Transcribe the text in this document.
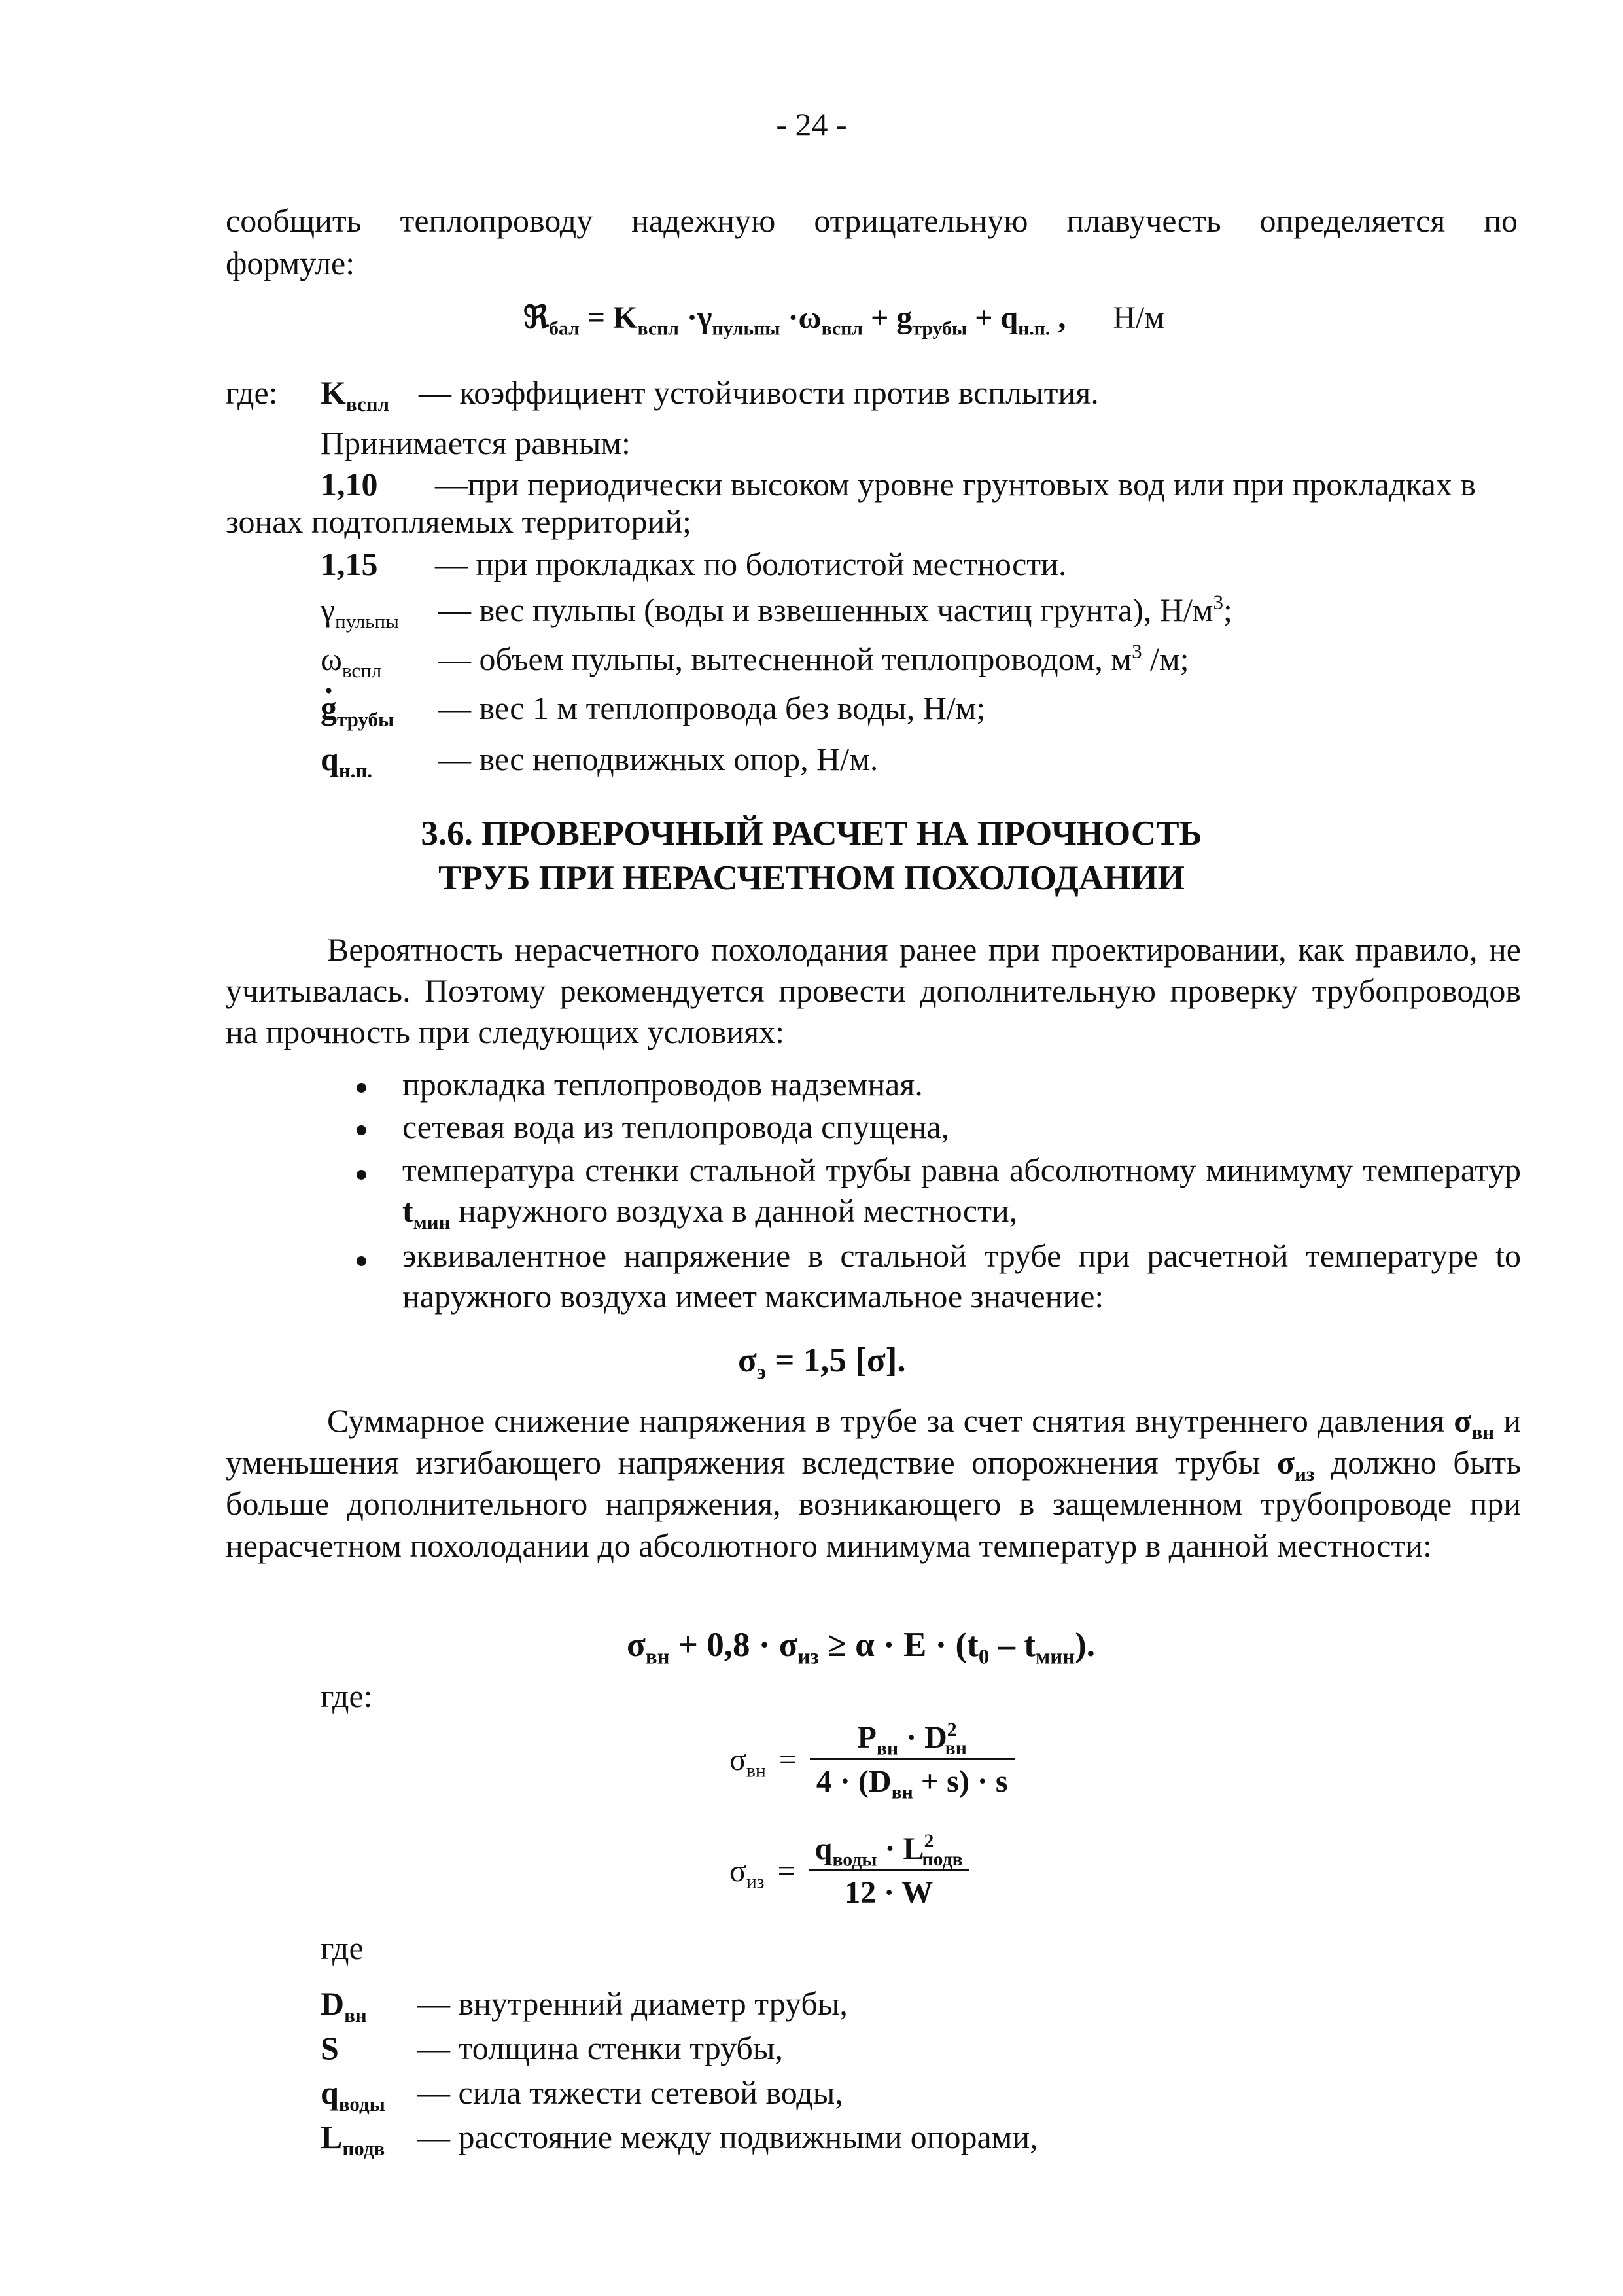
- 24 -
сообщить теплопроводу надежную отрицательную плавучесть определяется по
формуле:
ℜ$_{бал}$ = $K_{вспл} \cdot\gamma_{пульпы} \cdot\omega_{вспл} + g_{трубы} + q_{н.п.}$ , Н/м
где: $K_{вспл}$ — коэффициент устойчивости против всплытия.
Принимается равным:
1,10 —при периодически высоком уровне грунтовых вод или при прокладках в
зонах подтопляемых территорий;
1,15 — при прокладках по болотистой местности.
$\gamma_{пульпы}$ — вес пульпы (воды и взвешенных частиц грунта), $Н/м^3$;
$\omega_{вспл}$ — объем пульпы, вытесненной теплопроводом, $м^3$ /м;
· $g_{трубы}$ — вес 1 м теплопровода без воды, Н/м;
$q_{н.п.}$ — вес неподвижных опор, Н/м.
3.6. ПРОВЕРОЧНЫЙ РАСЧЕТ НА ПРОЧНОСТЬ
ТРУБ ПРИ НЕРАСЧЕТНОМ ПОХОЛОДАНИИ
Вероятность нерасчетного похолодания ранее при проектировании, как правило, не учитывалась. Поэтому рекомендуется провести дополнительную проверку трубопроводов на прочность при следующих условиях:
прокладка теплопроводов надземная.
сетевая вода из теплопровода спущена,
температура стенки стальной трубы равна абсолютному минимуму температур $t_{мин}$ наружного воздуха в данной местности,
эквивалентное напряжение в стальной трубе при расчетной температуре to наружного воздуха имеет максимальное значение:
$\sigma_э = 1,5$ [σ].
Суммарное снижение напряжения в трубе за счет снятия внутреннего давления $\sigma_{вн}$ и уменьшения изгибающего напряжения вследствие опорожнения трубы $\sigma_{из}$ должно быть больше дополнительного напряжения, возникающего в защемленном трубопроводе при нерасчетном похолодании до абсолютного минимума температур в данной местности:
$\sigma_{вн} + 0,8 \cdot \sigma_{из} \ge \alpha \cdot E \cdot (t_0 - t_{мин})$.
где:
$\sigma_{вн} = \frac{P_{вн} \cdot D^2_{вн}}{4 \cdot (D_{вн} + s) \cdot s}$
$\sigma_{из} = \frac{q_{воды} \cdot L^2_{подв}}{12 \cdot W}$
где
$D_{вн}$ — внутренний диаметр трубы,
S — толщина стенки трубы,
$q_{воды}$ — сила тяжести сетевой воды,
$L_{подв}$ — расстояние между подвижными опорами,
